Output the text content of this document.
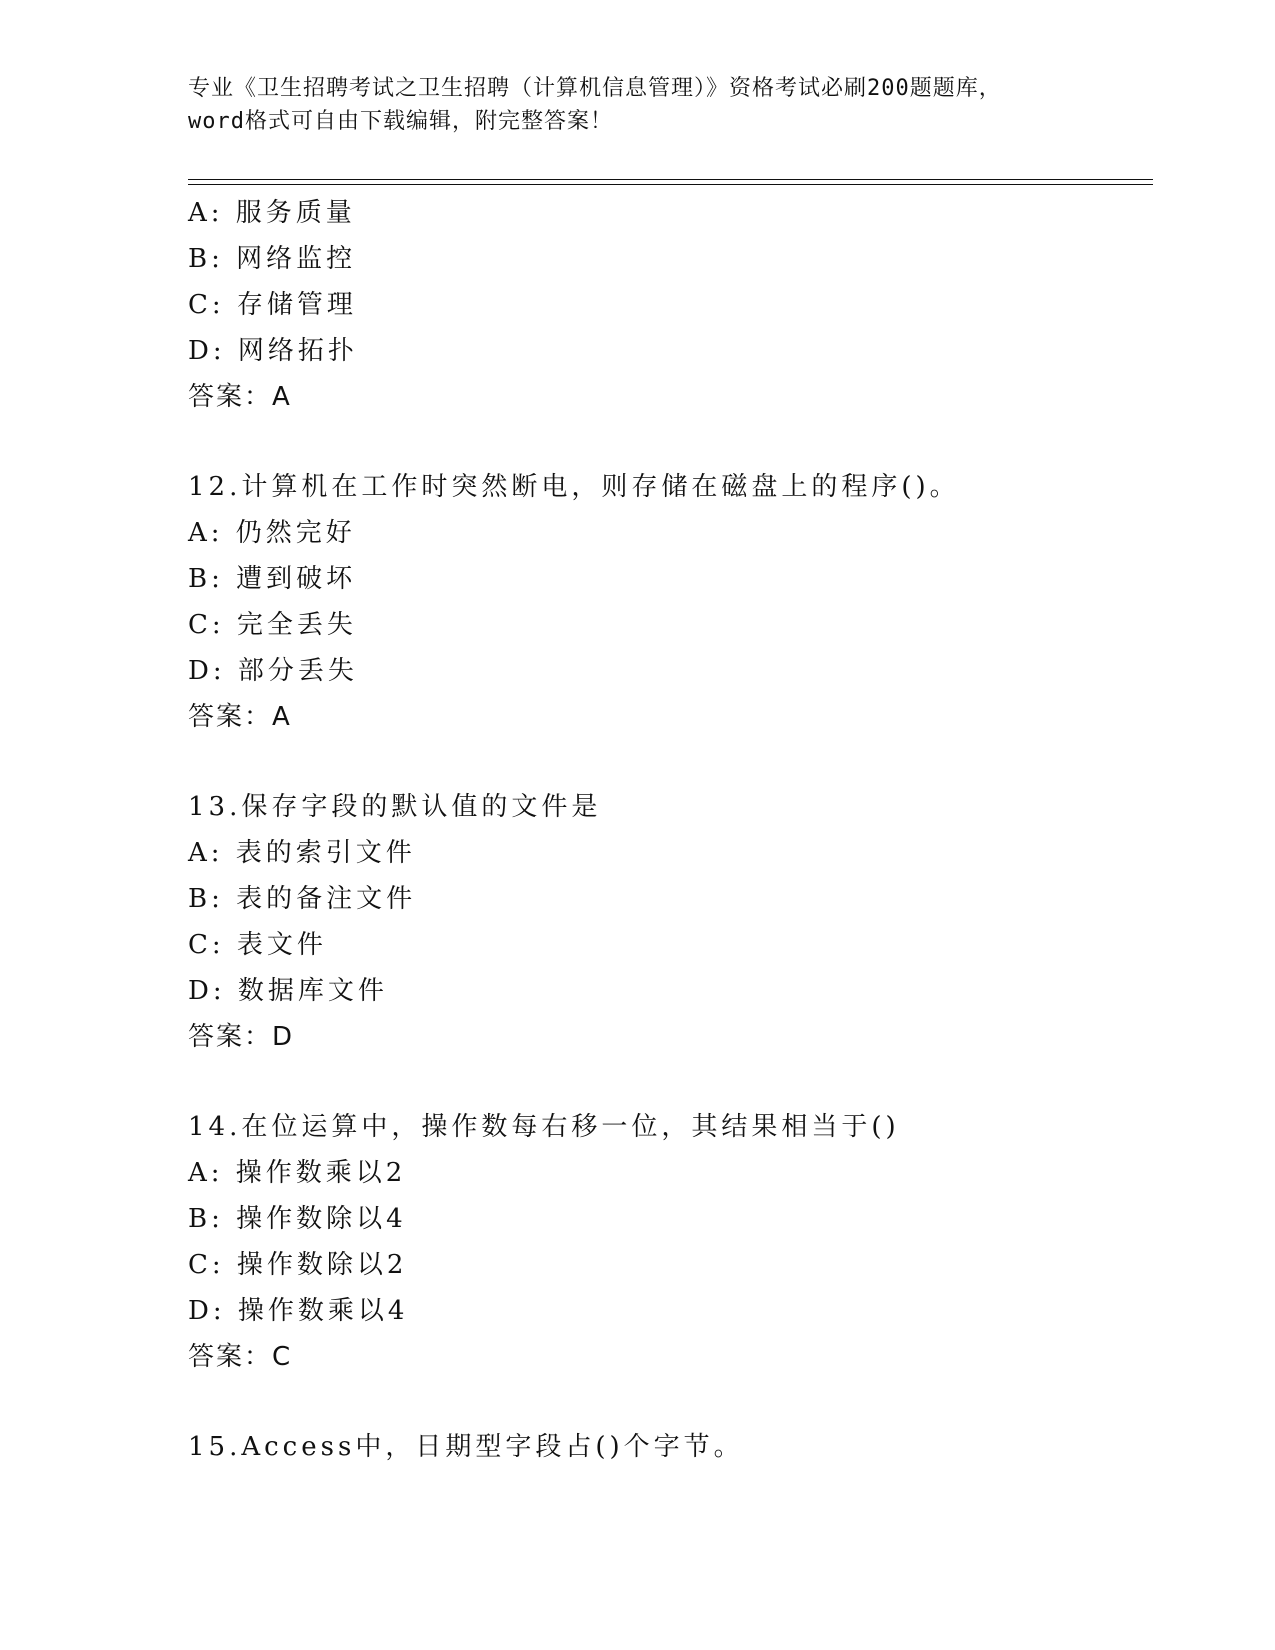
专业《卫生招聘考试之卫生招聘（计算机信息管理）》资格考试必刷200题题库，
word格式可自由下载编辑，附完整答案！
A: 服务质量
B: 网络监控
C: 存储管理
D: 网络拓扑
答案：A
12.计算机在工作时突然断电，则存储在磁盘上的程序()。
A: 仍然完好
B: 遭到破坏
C: 完全丢失
D: 部分丢失
答案：A
13.保存字段的默认值的文件是
A: 表的索引文件
B: 表的备注文件
C: 表文件
D: 数据库文件
答案：D
14.在位运算中，操作数每右移一位，其结果相当于()
A: 操作数乘以2
B: 操作数除以4
C: 操作数除以2
D: 操作数乘以4
答案：C
15.Access中，日期型字段占()个字节。
